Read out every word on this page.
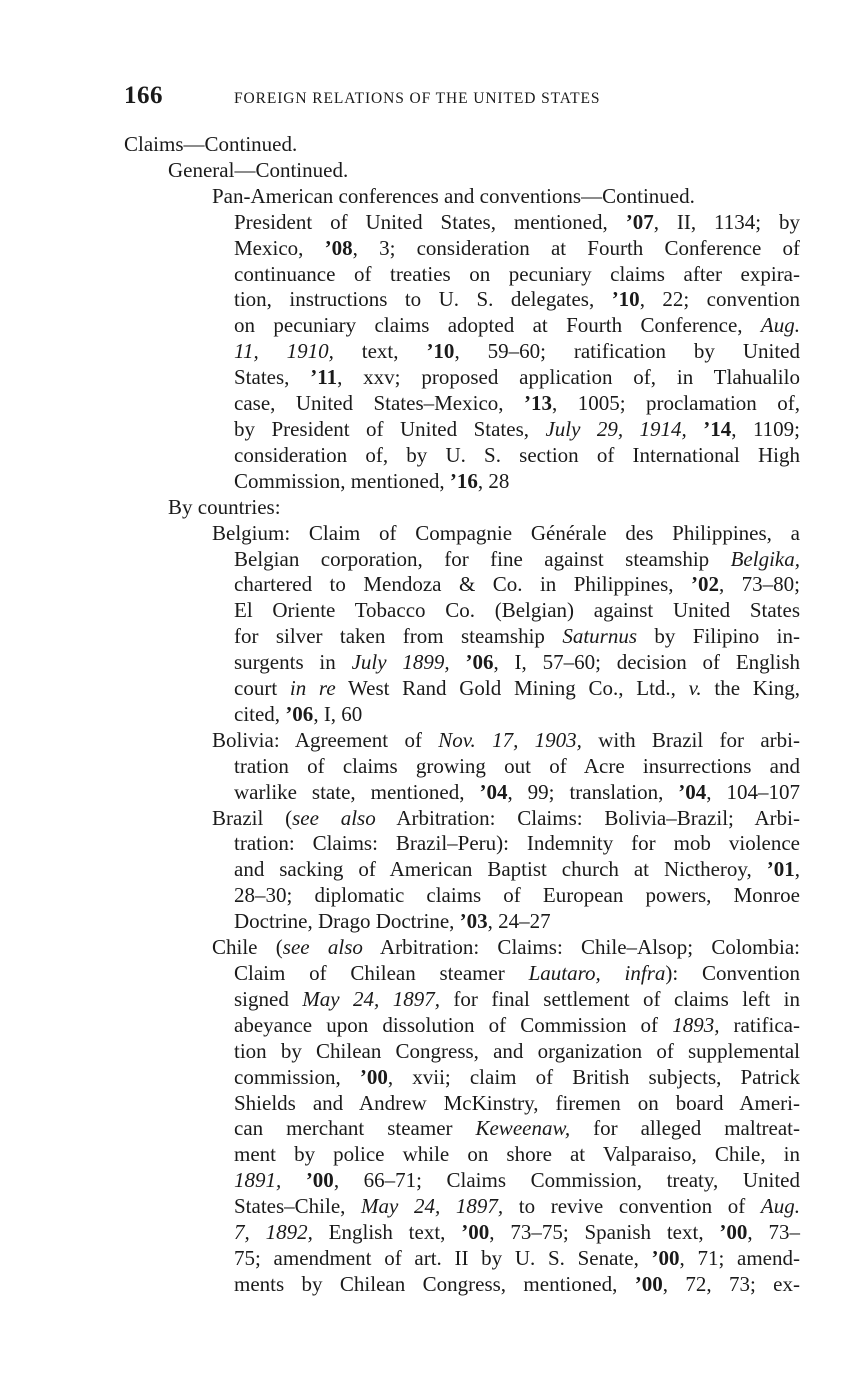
166	FOREIGN RELATIONS OF THE UNITED STATES
Claims—Continued.
General—Continued.
Pan-American conferences and conventions—Continued.
President of United States, mentioned, ’07, II, 1134; by
Mexico, ’08, 3; consideration at Fourth Conference of
continuance of treaties on pecuniary claims after expira-
tion, instructions to U. S. delegates, ’10, 22; convention
on pecuniary claims adopted at Fourth Conference, Aug.
11, 1910, text, ’10, 59–60; ratification by United
States, ’11, xxv; proposed application of, in Tlahualilo
case, United States–Mexico, ’13, 1005; proclamation of,
by President of United States, July 29, 1914, ’14, 1109;
consideration of, by U. S. section of International High
Commission, mentioned, ’16, 28
By countries:
Belgium: Claim of Compagnie Générale des Philippines, a
Belgian corporation, for fine against steamship Belgika,
chartered to Mendoza & Co. in Philippines, ’02, 73–80;
El Oriente Tobacco Co. (Belgian) against United States
for silver taken from steamship Saturnus by Filipino in-
surgents in July 1899, ’06, I, 57–60; decision of English
court in re West Rand Gold Mining Co., Ltd., v. the King,
cited, ’06, I, 60
Bolivia: Agreement of Nov. 17, 1903, with Brazil for arbi-
tration of claims growing out of Acre insurrections and
warlike state, mentioned, ’04, 99; translation, ’04, 104–107
Brazil (see also Arbitration: Claims: Bolivia–Brazil; Arbi-
tration: Claims: Brazil–Peru): Indemnity for mob violence
and sacking of American Baptist church at Nictheroy, ’01,
28–30; diplomatic claims of European powers, Monroe
Doctrine, Drago Doctrine, ’03, 24–27
Chile (see also Arbitration: Claims: Chile–Alsop; Colombia:
Claim of Chilean steamer Lautaro, infra): Convention
signed May 24, 1897, for final settlement of claims left in
abeyance upon dissolution of Commission of 1893, ratifica-
tion by Chilean Congress, and organization of supplemental
commission, ’00, xvii; claim of British subjects, Patrick
Shields and Andrew McKinstry, firemen on board Ameri-
can merchant steamer Keweenaw, for alleged maltreat-
ment by police while on shore at Valparaiso, Chile, in
1891, ’00, 66–71; Claims Commission, treaty, United
States–Chile, May 24, 1897, to revive convention of Aug.
7, 1892, English text, ’00, 73–75; Spanish text, ’00, 73–
75; amendment of art. II by U. S. Senate, ’00, 71; amend-
ments by Chilean Congress, mentioned, ’00, 72, 73; ex-
